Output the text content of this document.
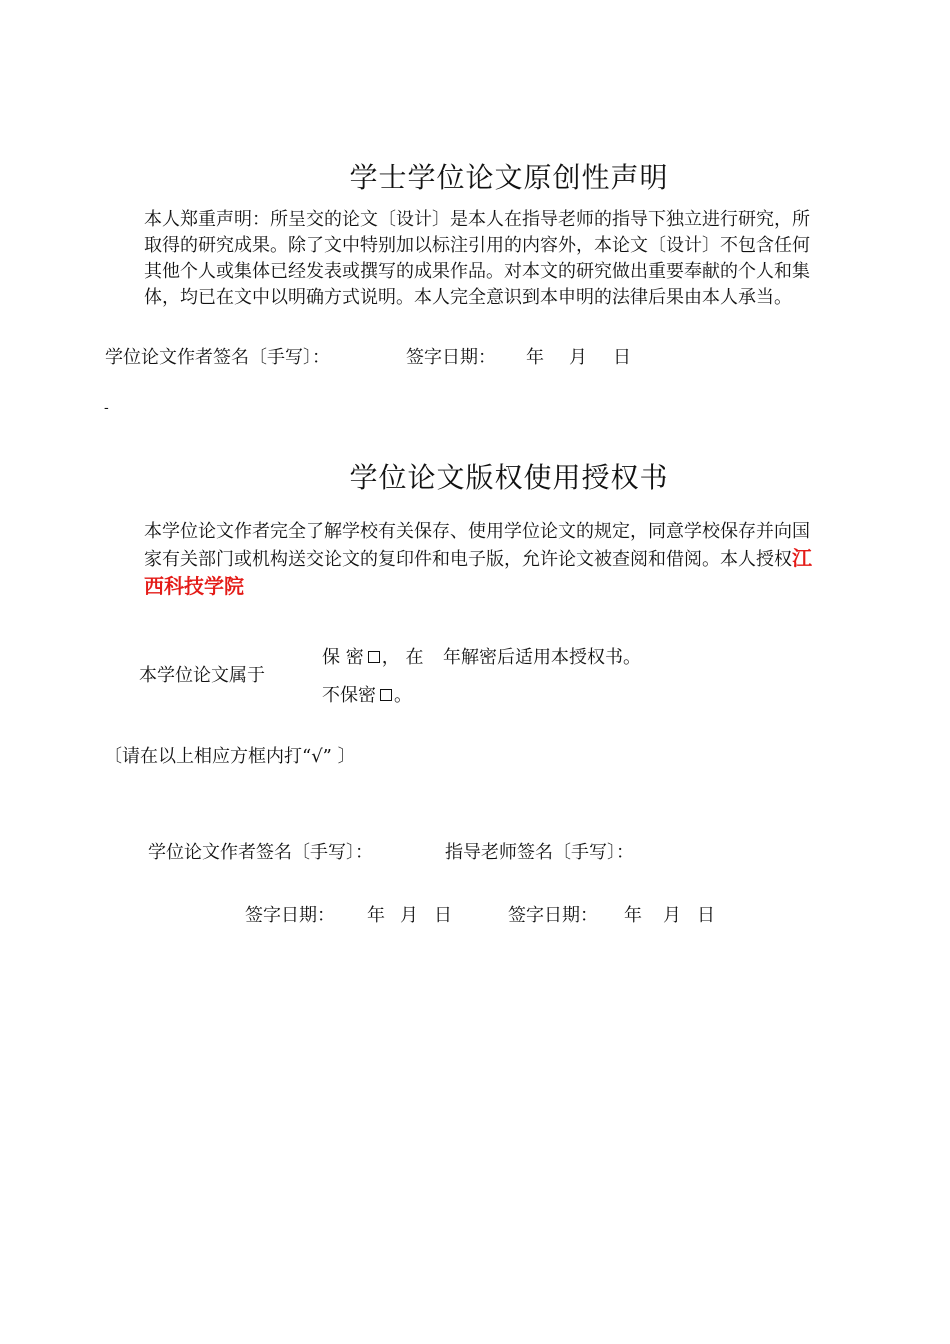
学士学位论文原创性声明
本人郑重声明：所呈交的论文〔设计〕是本人在指导老师的指导下独立进行研究，所
取得的研究成果。除了文中特别加以标注引用的内容外，本论文〔设计〕不包含任何
其他个人或集体已经发表或撰写的成果作品。对本文的研究做出重要奉献的个人和集
体，均已在文中以明确方式说明。本人完全意识到本申明的法律后果由本人承当。
学位论文作者签名〔手写〕：	签字日期： 年 月 日
-
学位论文版权使用授权书
本学位论文作者完全了解学校有关保存、使用学位论文的规定，同意学校保存并向国
家有关部门或机构送交论文的复印件和电子版，允许论文被查阅和借阅。本人授权江
西科技学院
本学位论文属于
保 密 ， 在 年解密后适用本授权书。
不保密 。
〔请在以上相应方框内打“√” 〕
学位论文作者签名〔手写〕：	指导老师签名〔手写〕：
签字日期： 年 月 日	签字日期： 年 月 日
